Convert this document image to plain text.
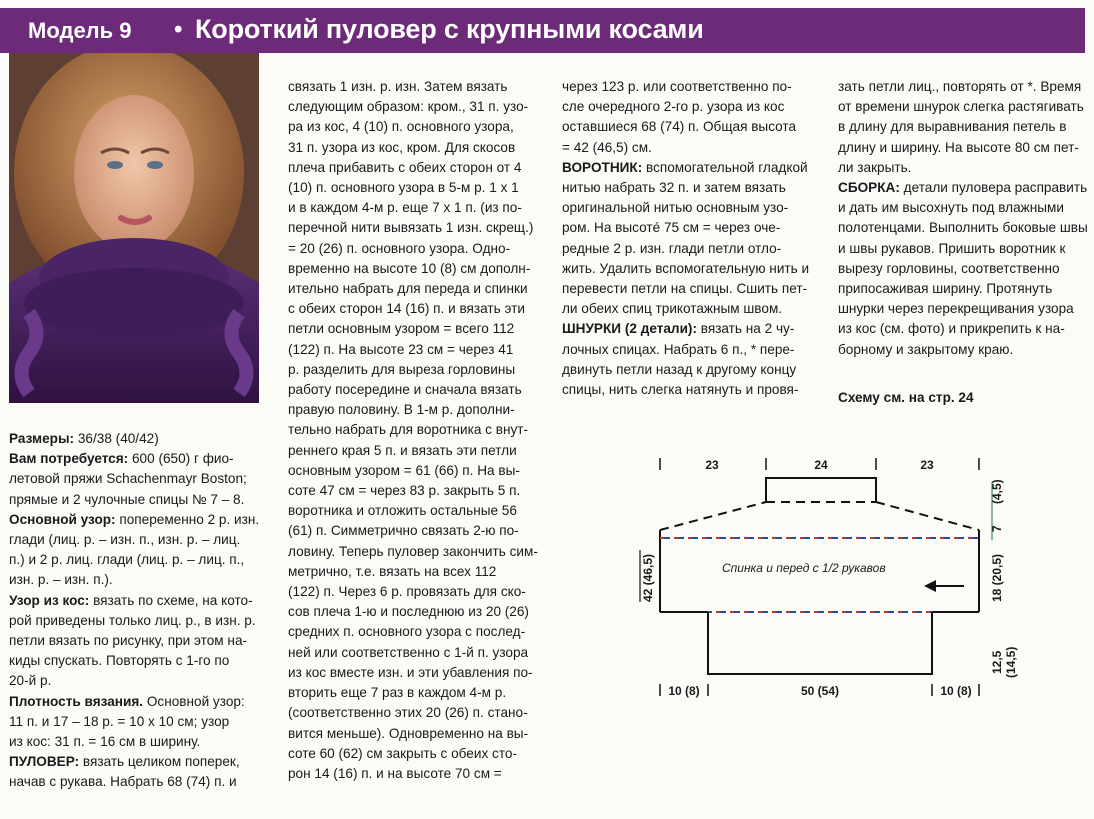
Модель 9 • Короткий пуловер с крупными косами

Размеры: 36/38 (40/42)

Вам потребуется: 600 (650) г фио-

летовой пряжи Schachenmayr Boston;

прямые и 2 чулочные спицы № 7 – 8.

Основной узор: попеременно 2 р. изн.

глади (лиц. р. – изн. п., изн. р. – лиц.

п.) и 2 р. лиц. глади (лиц. р. – лиц. п.,

изн. р. – изн. п.).

Узор из кос: вязать по схеме, на кото-

рой приведены только лиц. р., в изн. р.

петли вязать по рисунку, при этом на-

киды спускать. Повторять с 1-го по

20-й р.

Плотность вязания. Основной узор:

11 п. и 17 – 18 р. = 10 х 10 см; узор

из кос: 31 п. = 16 см в ширину.

ПУЛОВЕР: вязать целиком поперек,

начав с рукава. Набрать 68 (74) п. и

связать 1 изн. р. изн. Затем вязать

следующим образом: кром., 31 п. узо-

ра из кос, 4 (10) п. основного узора,

31 п. узора из кос, кром. Для скосов

плеча прибавить с обеих сторон от 4

(10) п. основного узора в 5-м р. 1 х 1

и в каждом 4-м р. еще 7 х 1 п. (из по-

перечной нити вывязать 1 изн. скрещ.)

= 20 (26) п. основного узора. Одно-

временно на высоте 10 (8) см дополн-

ительно набрать для переда и спинки

с обеих сторон 14 (16) п. и вязать эти

петли основным узором = всего 112

(122) п. На высоте 23 см = через 41

р. разделить для выреза горловины

работу посередине и сначала вязать

правую половину. В 1-м р. дополни-

тельно набрать для воротника с внут-

реннего края 5 п. и вязать эти петли

основным узором = 61 (66) п. На вы-

соте 47 см = через 83 р. закрыть 5 п.

воротника и отложить остальные 56

(61) п. Симметрично связать 2-ю по-

ловину. Теперь пуловер закончить сим-

метрично, т.е. вязать на всех 112

(122) п. Через 6 р. провязать для ско-

сов плеча 1-ю и последнюю из 20 (26)

средних п. основного узора с послед-

ней или соответственно с 1-й п. узора

из кос вместе изн. и эти убавления по-

вторить еще 7 раз в каждом 4-м р.

(соответственно этих 20 (26) п. стано-

вится меньше). Одновременно на вы-

соте 60 (62) см закрыть с обеих сто-

рон 14 (16) п. и на высоте 70 см =

через 123 р. или соответственно по-

сле очередного 2-го р. узора из кос

оставшиеся 68 (74) п. Общая высота

= 42 (46,5) см.

ВОРОТНИК: вспомогательной гладкой

нитью набрать 32 п. и затем вязать

оригинальной нитью основным узо-

ром. На высотé 75 см = через оче-

редные 2 р. изн. глади петли отло-

жить. Удалить вспомогательную нить и

перевести петли на спицы. Сшить пет-

ли обеих спиц трикотажным швом.

ШНУРКИ (2 детали): вязать на 2 чу-

лочных спицах. Набрать 6 п., * пере-

двинуть петли назад к другому концу

спицы, нить слегка натянуть и провя-

зать петли лиц., повторять от *. Время

от времени шнурок слегка растягивать

в длину для выравнивания петель в

длину и ширину. На высоте 80 см пет-

ли закрыть.

СБОРКА: детали пуловера расправить

и дать им высохнуть под влажными

полотенцами. Выполнить боковые швы

и швы рукавов. Пришить воротник к

вырезу горловины, соответственно

припосаживая ширину. Протянуть

шнурки через перекрещивания узора

из кос (см. фото) и прикрепить к на-

борному и закрытому краю.

Схему см. на стр. 24
23	24	23
Спинка и перед с 1/2 рукавов
42 (46,5)
7
(4,5)
18 (20,5)
12,5 (14,5)
10 (8)	50 (54)	10 (8)
